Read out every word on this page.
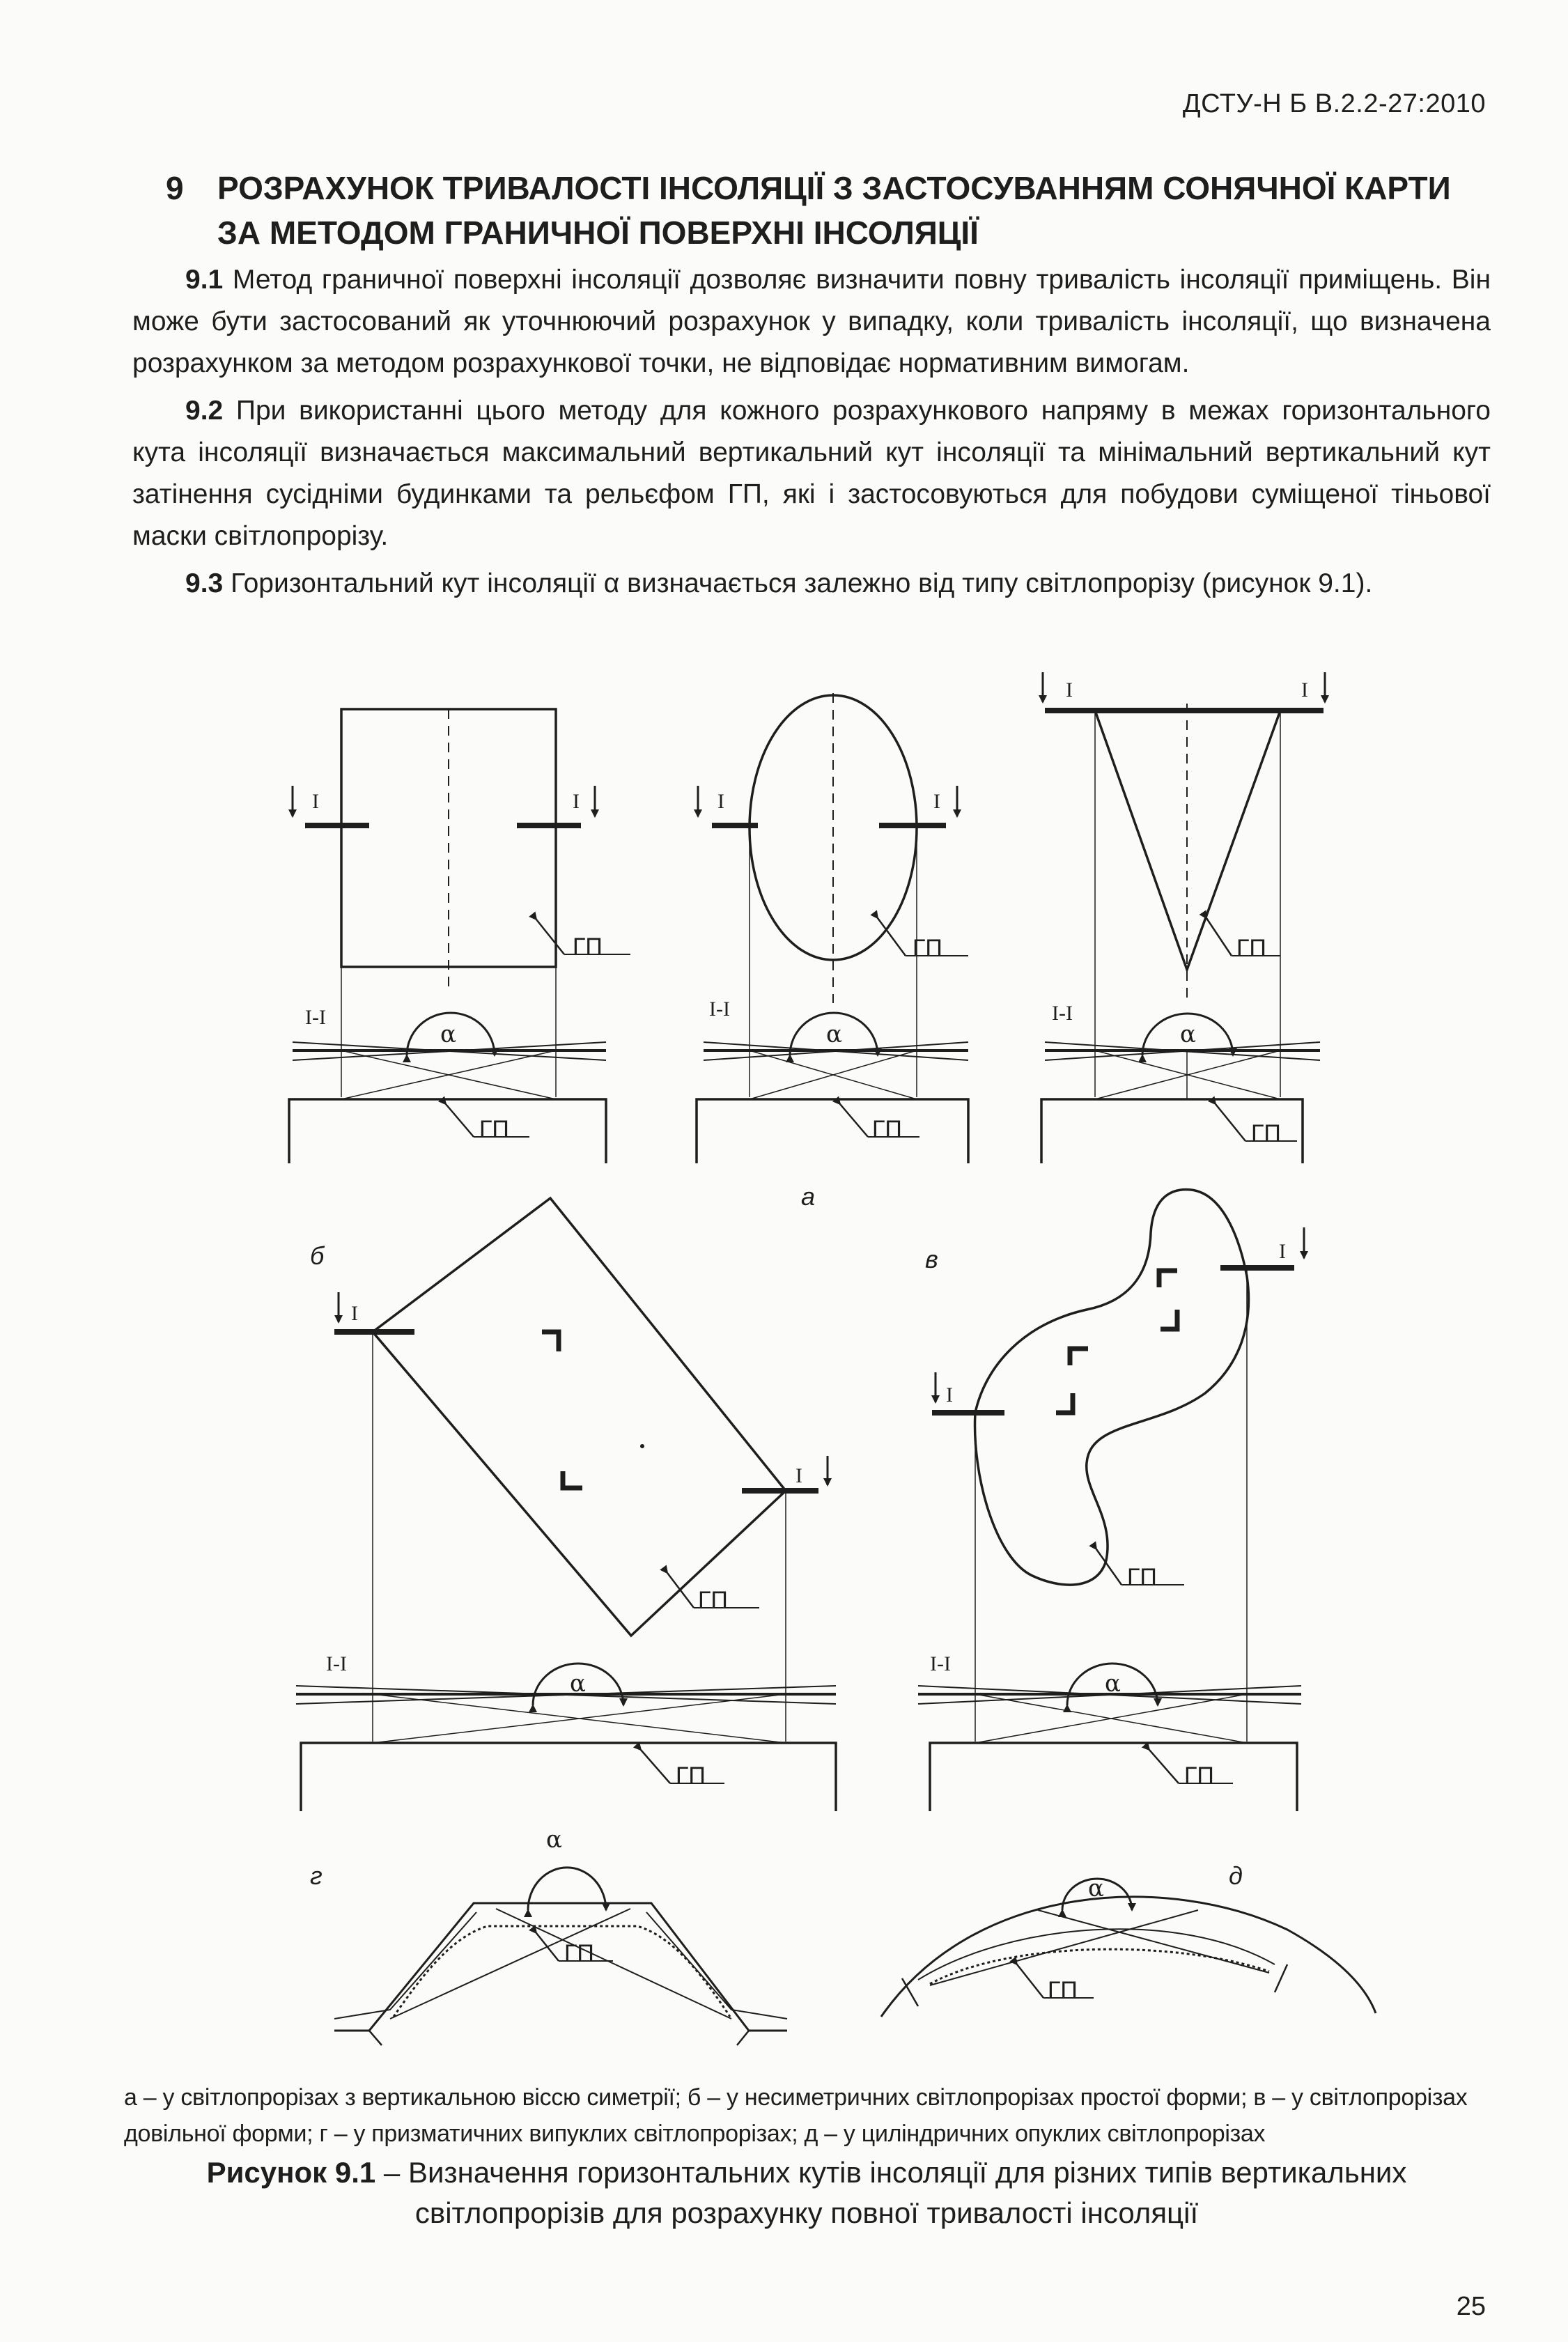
ДСТУ-Н Б В.2.2-27:2010
9 РОЗРАХУНОК ТРИВАЛОСТІ ІНСОЛЯЦІЇ З ЗАСТОСУВАННЯМ СОНЯЧНОЇ КАРТИ
ЗА МЕТОДОМ ГРАНИЧНОЇ ПОВЕРХНІ ІНСОЛЯЦІЇ
9.1 Метод граничної поверхні інсоляції дозволяє визначити повну тривалість інсоляції приміщень. Він може бути застосований як уточнюючий розрахунок у випадку, коли тривалість інсоляції, що визначена розрахунком за методом розрахункової точки, не відповідає нормативним вимогам.
9.2 При використанні цього методу для кожного розрахункового напряму в межах горизонтального кута інсоляції визначається максимальний вертикальний кут інсоляції та мінімальний вертикальний кут затінення сусідніми будинками та рельєфом ГП, які і застосовуються для побудови суміщеної тіньової маски світлопрорізу.
9.3 Горизонтальний кут інсоляції α визначається залежно від типу світлопрорізу (рисунок 9.1).
І	І
ГП
І-І
α
ГП
І	І
ГП
І-І
α
ГП
І	І
ГП
І-І
α
ГП
а
б
І
І
ГП
І-І
α
ГП
в
І
І
ГП
І-І
α
ГП
г
α
ГП
д
α
ГП
а – у світлопрорізах з вертикальною віссю симетрії; б – у несиметричних світлопрорізах простої форми; в – у світлопрорізах довільної форми; г – у призматичних випуклих світлопрорізах; д – у циліндричних опуклих світлопрорізах
Рисунок 9.1 – Визначення горизонтальних кутів інсоляції для різних типів вертикальних світлопрорізів для розрахунку повної тривалості інсоляції
25
